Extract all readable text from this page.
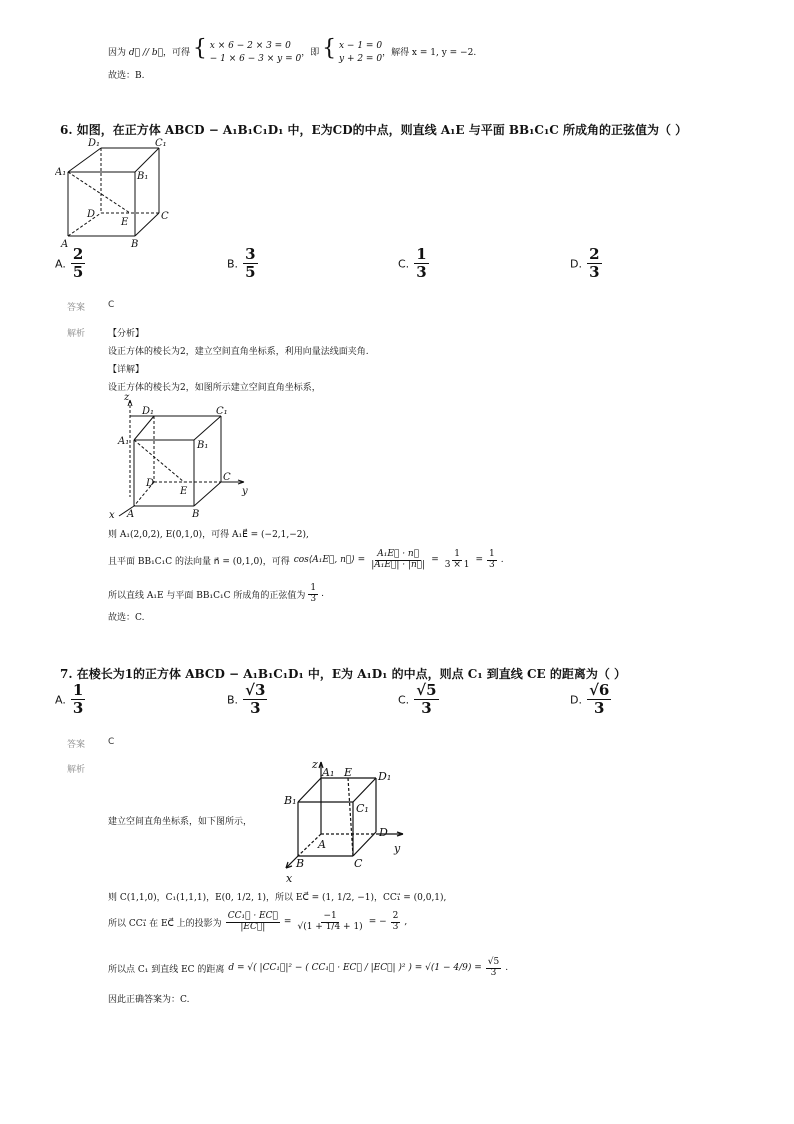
因为 d⃗ // b⃗，可得 { x × 6 − 2 × 3 = 0
− 1 × 6 − 3 × y = 0，即 { x − 1 = 0
y + 2 = 0，解得 x = 1, y = −2.
故选：B.
6. 如图，在正方体 ABCD − A₁B₁C₁D₁ 中，E为CD的中点，则直线 A₁E 与平面 BB₁C₁C 所成角的正弦值为（ ）
D₁	C₁
A₁	B₁
D
E
C
A	B
A. $\frac{2}{5}$	B. $\frac{3}{5}$	C. $\frac{1}{3}$	D. $\frac{2}{3}$
答案	C
解析	【分析】
设正方体的棱长为2，建立空间直角坐标系，利用向量法线面夹角.
【详解】
设正方体的棱长为2，如图所示建立空间直角坐标系，
z
D₁	C₁
A₁	B₁
D
E
C
y
x A	B
则 A₁(2,0,2), E(0,1,0)，可得 A₁E⃗ = (−2,1,−2),
且平面 BB₁C₁C 的法向量 n⃗ = (0,1,0)，可得 cos⟨A₁E⃗, n⃗⟩ = $\frac{\text{A₁E⃗ · n⃗}}{\text{|A₁E⃗| · |n⃗|}} = \frac{1}{3 \times 1} = \frac{1}{3}$ .
所以直线 A₁E 与平面 BB₁C₁C 所成角的正弦值为 $\frac{1}{3}$ .
故选：C.
7. 在棱长为1的正方体 ABCD − A₁B₁C₁D₁ 中，E为 A₁D₁ 的中点，则点 C₁ 到直线 CE 的距离为（ ）
A. $\frac{1}{3}$	B. $\frac{√3}{3}$	C. $\frac{√5}{3}$	D. $\frac{√6}{3}$
答案	C
解析
建立空间直角坐标系，如下图所示，
z
A₁ E D₁
B₁
C₁
D
A	y
B	C
x
则 C(1,1,0)，C₁(1,1,1)，E(0, 1/2, 1)，所以 EC⃗ = (1, 1/2, −1)，CC₁⃗ = (0,0,1),
所以 CC₁⃗ 在 EC⃗ 上的投影为 $\frac{\text{CC₁⃗ · EC⃗}}{|EC⃗|} = \frac{-1}{√(1 + 1/4 + 1)}$ = − $\frac{2}{3}$ ,
所以点 C₁ 到直线 EC 的距离 d = √( |CC₁⃗|² − ( CC₁⃗ · EC⃗ / |EC⃗| )² ) = $√(1 - 4/9) = \frac{√5}{3}$ .
因此正确答案为：C.
